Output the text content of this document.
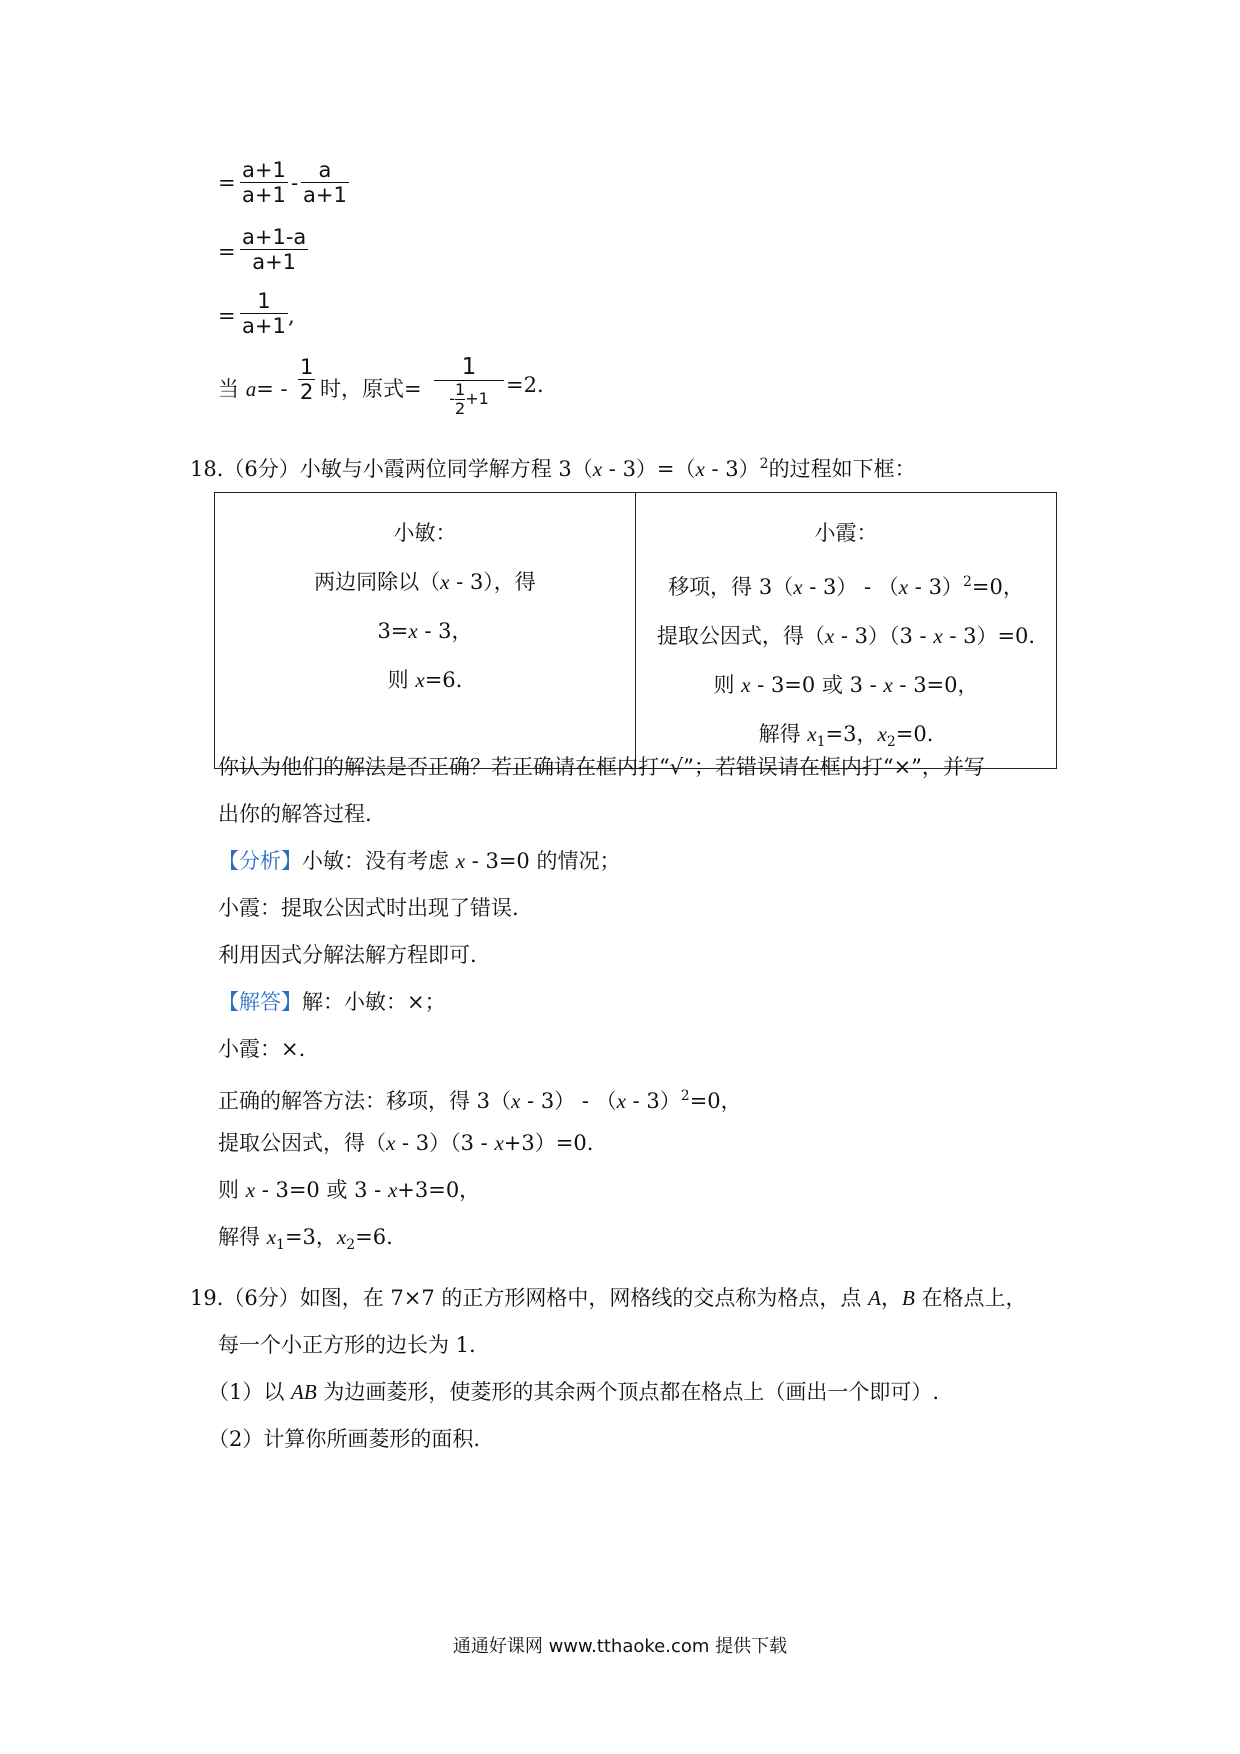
=
a+1
a+1 -
a
a+1
=
a+1-a
a+1
=
1
a+1 ,
当 a= -
1
2 时，原式=
1
- $\frac{1}{2} +1$
=2.
18.（6分）小敏与小霞两位同学解方程 3（x - 3）=（x - 3）$^2$的过程如下框：
小敏：
两边同除以（x - 3），得
3=x - 3，
则 x=6.

小霞：
移项，得 3（x - 3） - （x - 3）$^2$=0，
提取公因式，得（x - 3）（3 - x - 3）=0.
则 x - 3=0 或 3 - x - 3=0，
解得 $x_1=3$，$x_2=0$.
你认为他们的解法是否正确？若正确请在框内打“√”；若错误请在框内打“×”，并写
出你的解答过程.
【分析】小敏：没有考虑 x - 3=0 的情况；
小霞：提取公因式时出现了错误.
利用因式分解法解方程即可.
【解答】解：小敏：×；
小霞：×.
正确的解答方法：移项，得 3（x - 3） - （x - 3）$^2$=0，
提取公因式，得（x - 3）（3 - x+3）=0.
则 x - 3=0 或 3 - x+3=0，
解得 $x_1=3$，$x_2=6$.
19.（6分）如图，在 7×7 的正方形网格中，网格线的交点称为格点，点 A，B 在格点上，
每一个小正方形的边长为 1.
（1）以 AB 为边画菱形，使菱形的其余两个顶点都在格点上（画出一个即可）.
（2）计算你所画菱形的面积.
通通好课网 www.tthaoke.com 提供下载
